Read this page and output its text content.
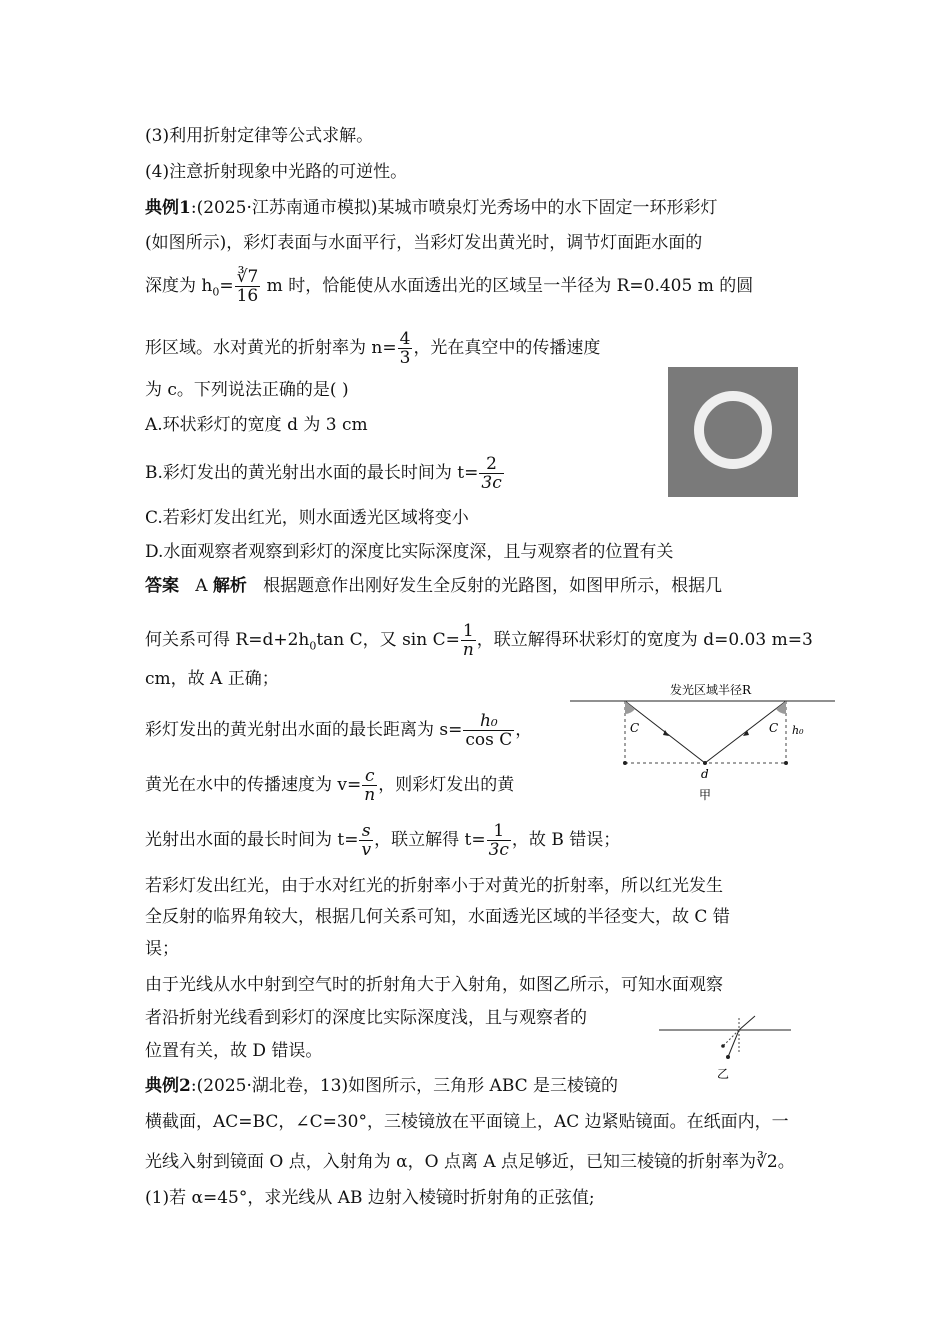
(3)利用折射定律等公式求解。
(4)注意折射现象中光路的可逆性。
典例1:(2025·江苏南通市模拟)某城市喷泉灯光秀场中的水下固定一环形彩灯
(如图所示)，彩灯表面与水面平行，当彩灯发出黄光时，调节灯面距水面的
深度为 $h_0= \frac{∛7}{16}$ m 时，恰能使从水面透出光的区域呈一半径为 R=0.405 m 的圆
形区域。水对黄光的折射率为 $n= \frac{4}{3}$ ，光在真空中的传播速度
为 c。下列说法正确的是( )
A.环状彩灯的宽度 d 为 3 cm
B.彩灯发出的黄光射出水面的最长时间为 $t= \frac{2}{3c}$
C.若彩灯发出红光，则水面透光区域将变小
D.水面观察者观察到彩灯的深度比实际深度深，且与观察者的位置有关
答案 A 解析 根据题意作出刚好发生全反射的光路图，如图甲所示，根据几
何关系可得 $R=d+2h_0\tan$ C，又 $\sin C= \frac{1}{n}$ ，联立解得环状彩灯的宽度为 d=0.03 m=3
cm，故 A 正确；
彩灯发出的黄光射出水面的最长距离为 $s= \frac{\text{h₀}}{\text{cos C}}$ ，
黄光在水中的传播速度为 $v= \frac{c}{n}$ ，则彩灯发出的黄
光射出水面的最长时间为 $t= \frac{s}{v}$ ，联立解得 $t= \frac{1}{3c}$ ，故 B 错误；
若彩灯发出红光，由于水对红光的折射率小于对黄光的折射率，所以红光发生
全反射的临界角较大，根据几何关系可知，水面透光区域的半径变大，故 C 错
误；
由于光线从水中射到空气时的折射角大于入射角，如图乙所示，可知水面观察
者沿折射光线看到彩灯的深度比实际深度浅，且与观察者的
位置有关，故 D 错误。
发光区域半径R
C	C h₀
d
甲
乙
典例2:(2025·湖北卷，13)如图所示，三角形 ABC 是三棱镜的
横截面，AC=BC，∠C=30°，三棱镜放在平面镜上，AC 边紧贴镜面。在纸面内，一
光线入射到镜面 O 点，入射角为 α，O 点离 A 点足够近，已知三棱镜的折射率为∛2。
(1)若 α=45°，求光线从 AB 边射入棱镜时折射角的正弦值;
